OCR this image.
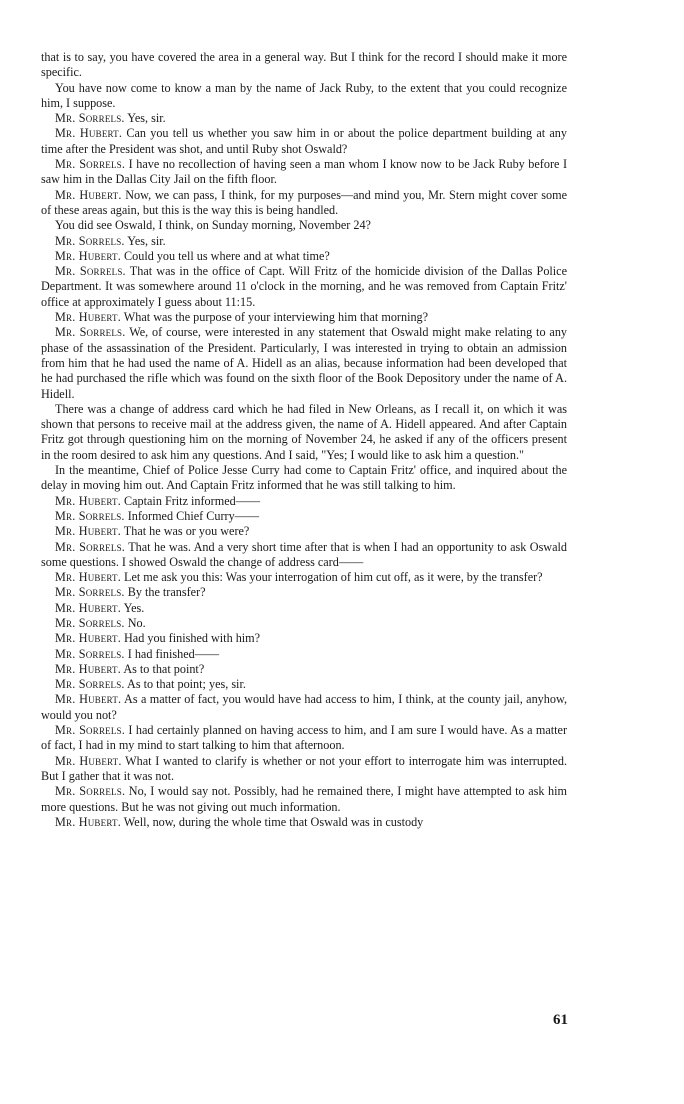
that is to say, you have covered the area in a general way. But I think for the record I should make it more specific.

You have now come to know a man by the name of Jack Ruby, to the extent that you could recognize him, I suppose.

Mr. Sorrels. Yes, sir.

Mr. Hubert. Can you tell us whether you saw him in or about the police department building at any time after the President was shot, and until Ruby shot Oswald?

Mr. Sorrels. I have no recollection of having seen a man whom I know now to be Jack Ruby before I saw him in the Dallas City Jail on the fifth floor.

Mr. Hubert. Now, we can pass, I think, for my purposes—and mind you, Mr. Stern might cover some of these areas again, but this is the way this is being handled.

You did see Oswald, I think, on Sunday morning, November 24?

Mr. Sorrels. Yes, sir.

Mr. Hubert. Could you tell us where and at what time?

Mr. Sorrels. That was in the office of Capt. Will Fritz of the homicide division of the Dallas Police Department. It was somewhere around 11 o'clock in the morning, and he was removed from Captain Fritz' office at approximately I guess about 11:15.

Mr. Hubert. What was the purpose of your interviewing him that morning?

Mr. Sorrels. We, of course, were interested in any statement that Oswald might make relating to any phase of the assassination of the President. Particularly, I was interested in trying to obtain an admission from him that he had used the name of A. Hidell as an alias, because information had been developed that he had purchased the rifle which was found on the sixth floor of the Book Depository under the name of A. Hidell.

There was a change of address card which he had filed in New Orleans, as I recall it, on which it was shown that persons to receive mail at the address given, the name of A. Hidell appeared. And after Captain Fritz got through questioning him on the morning of November 24, he asked if any of the officers present in the room desired to ask him any questions. And I said, "Yes; I would like to ask him a question."

In the meantime, Chief of Police Jesse Curry had come to Captain Fritz' office, and inquired about the delay in moving him out. And Captain Fritz informed that he was still talking to him.

Mr. Hubert. Captain Fritz informed——

Mr. Sorrels. Informed Chief Curry——

Mr. Hubert. That he was or you were?

Mr. Sorrels. That he was. And a very short time after that is when I had an opportunity to ask Oswald some questions. I showed Oswald the change of address card——

Mr. Hubert. Let me ask you this: Was your interrogation of him cut off, as it were, by the transfer?

Mr. Sorrels. By the transfer?

Mr. Hubert. Yes.

Mr. Sorrels. No.

Mr. Hubert. Had you finished with him?

Mr. Sorrels. I had finished——

Mr. Hubert. As to that point?

Mr. Sorrels. As to that point; yes, sir.

Mr. Hubert. As a matter of fact, you would have had access to him, I think, at the county jail, anyhow, would you not?

Mr. Sorrels. I had certainly planned on having access to him, and I am sure I would have. As a matter of fact, I had in my mind to start talking to him that afternoon.

Mr. Hubert. What I wanted to clarify is whether or not your effort to interrogate him was interrupted. But I gather that it was not.

Mr. Sorrels. No, I would say not. Possibly, had he remained there, I might have attempted to ask him more questions. But he was not giving out much information.

Mr. Hubert. Well, now, during the whole time that Oswald was in custody

61
